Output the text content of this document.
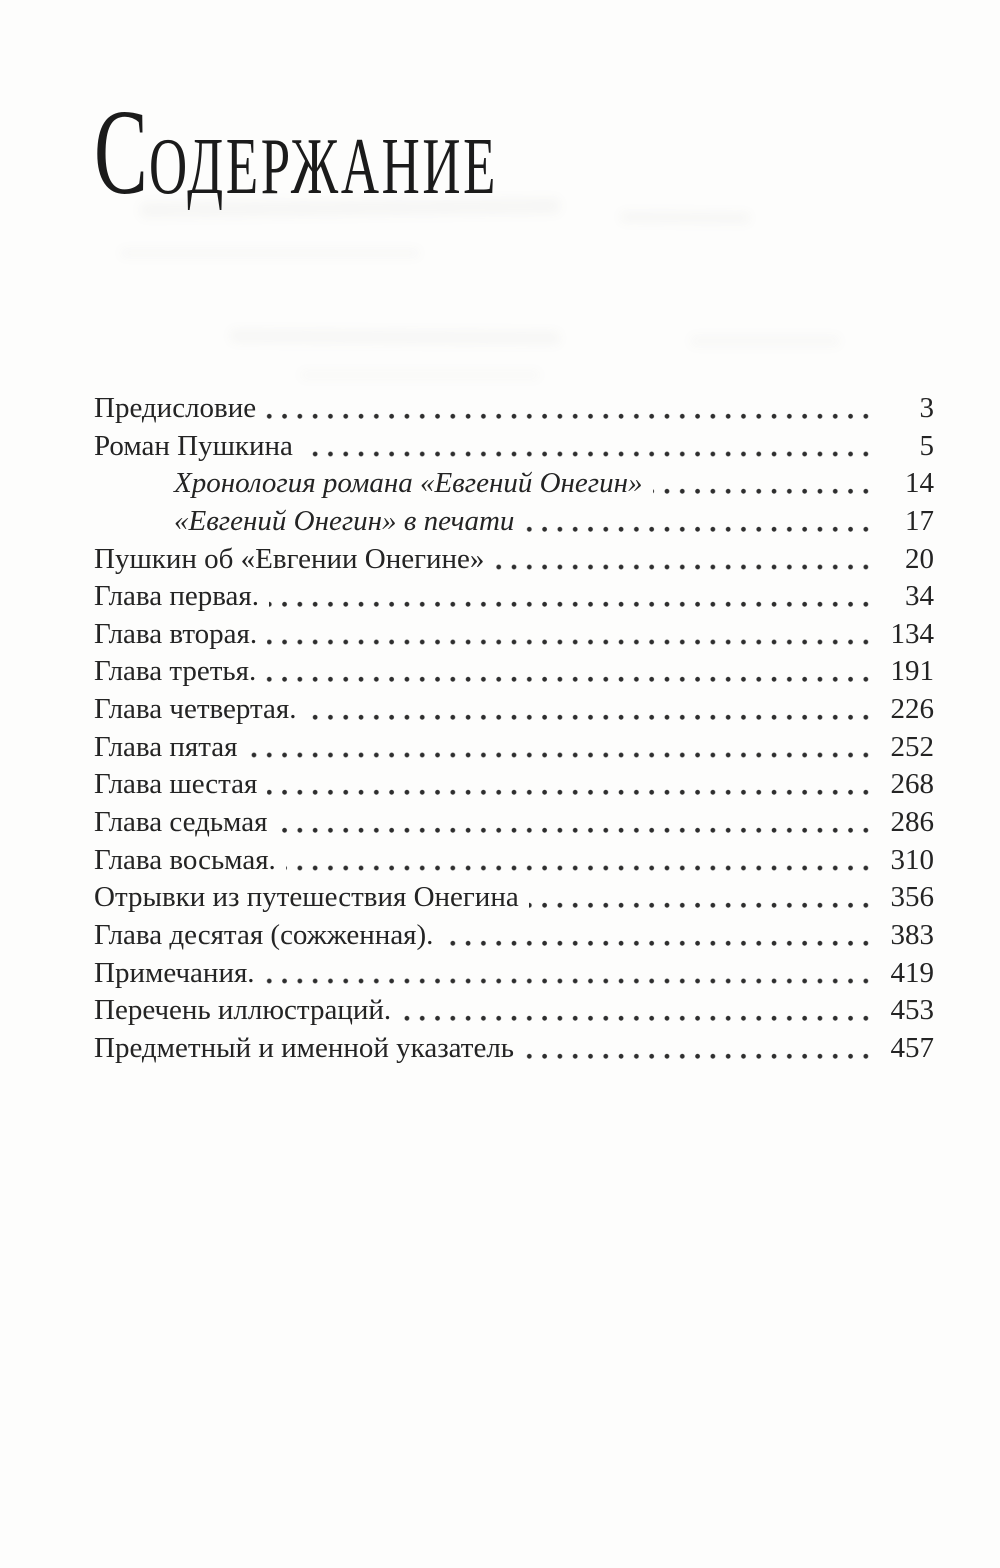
С ОДЕРЖАНИЕ
Предисловие	3
Роман Пушкина	5
Хронология романа «Евгений Онегин»	14
«Евгений Онегин» в печати	17
Пушкин об «Евгении Онегине»	20
Глава первая.	34
Глава вторая.	134
Глава третья.	191
Глава четвертая.	226
Глава пятая	252
Глава шестая	268
Глава седьмая	286
Глава восьмая.	310
Отрывки из путешествия Онегина	356
Глава десятая (сожженная).	383
Примечания.	419
Перечень иллюстраций.	453
Предметный и именной указатель	457
